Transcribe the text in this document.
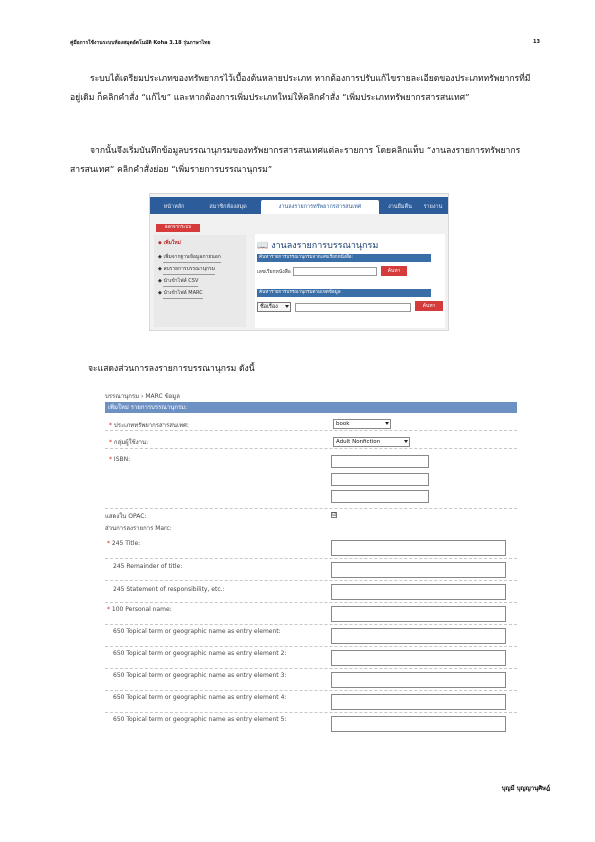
คู่มือการใช้งานระบบห้องสมุดอัตโนมัติ Koha 3.18 รุ่นภาษาไทย	13
ระบบได้เตรียมประเภทของทรัพยากรไว้เบื้องต้นหลายประเภท หากต้องการปรับแก้ไขรายละเอียดของประเภททรัพยากรที่มีอยู่เดิม ก็คลิกคำสั่ง “แก้ไข” และหากต้องการเพิ่มประเภทใหม่ให้คลิกคำสั่ง “เพิ่มประเภททรัพยากรสารสนเทศ”
จากนั้นจึงเริ่มบันทึกข้อมูลบรรณานุกรมของทรัพยากรสารสนเทศแต่ละรายการ โดยคลิกแท็บ “งานลงรายการทรัพยากรสารสนเทศ” คลิกคำสั่งย่อย “เพิ่มรายการบรรณานุกรม”
หน้าหลัก	สมาชิกห้องสมุด	งานลงรายการทรัพยากรสารสนเทศ	งานยืมคืน	รายงาน
ออกจากระบบ
◆ เพิ่มใหม่
◆ เพิ่มจากฐานข้อมูลภายนอก
◆ ลบรายการบรรณานุกรม
◆ นำเข้าไฟล์ CSV
◆ นำเข้าไฟล์ MARC
📖 งานลงรายการบรรณานุกรม
ค้นหารายการบรรณานุกรมจากเลขเรียกหนังสือ:
เลขเรียกหนังสือ	ค้นหา
ค้นหารายการบรรณานุกรมตามเขตข้อมูล
ชื่อเรื่อง	ค้นหา
จะแสดงส่วนการลงรายการบรรณานุกรม ดังนี้
บรรณานุกรม › MARC ข้อมูล
เพิ่มใหม่ รายการบรรณานุกรม:
* ประเภททรัพยากรสารสนเทศ:	book
* กลุ่มผู้ใช้งาน:	Adult Nonfiction
* ISBN:
แสดงใน OPAC:	☑
ส่วนการลงรายการ Marc:
* 245 Title:
245 Remainder of title:
245 Statement of responsibility, etc.:
* 100 Personal name:
650 Topical term or geographic name as entry element:
650 Topical term or geographic name as entry element 2:
650 Topical term or geographic name as entry element 3:
650 Topical term or geographic name as entry element 4:
650 Topical term or geographic name as entry element 5:
บุญมี บุญญานุศิษฎ์
